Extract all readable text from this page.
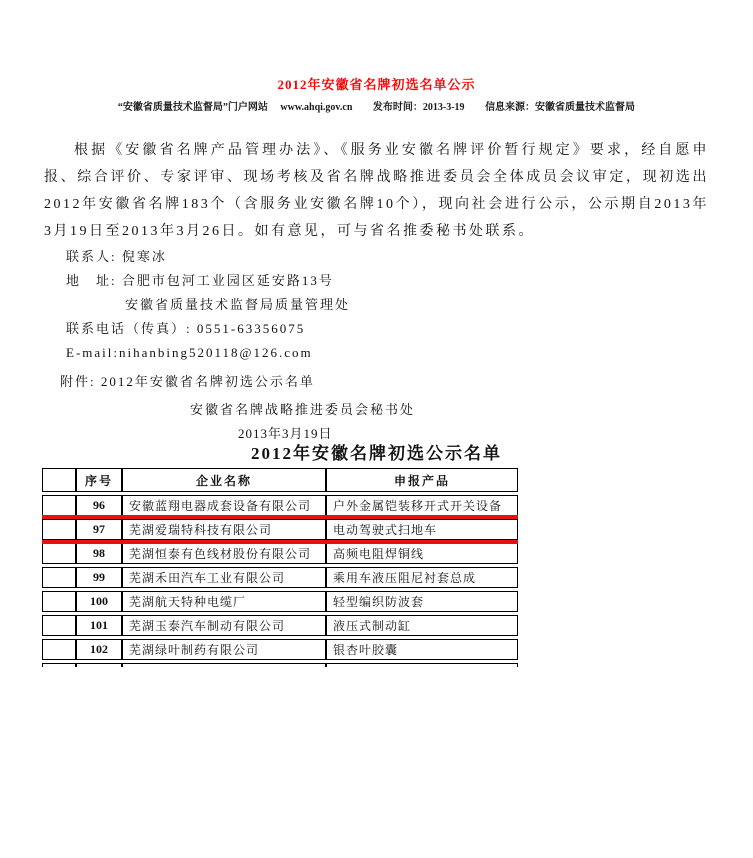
2012年安徽省名牌初选名单公示
“安徽省质量技术监督局”门户网站 www.ahqi.gov.cn 发布时间：2013-3-19 信息来源：安徽省质量技术监督局
根据《安徽省名牌产品管理办法》、《服务业安徽名牌评价暂行规定》要求，经自愿申报、综合评价、专家评审、现场考核及省名牌战略推进委员会全体成员会议审定，现初选出2012年安徽省名牌183个（含服务业安徽名牌10个），现向社会进行公示，公示期自2013年3月19日至2013年3月26日。如有意见，可与省名推委秘书处联系。
联系人: 倪寒冰
地　址: 合肥市包河工业园区延安路13号
安徽省质量技术监督局质量管理处
联系电话（传真）: 0551-63356075
E-mail:nihanbing520118@126.com
附件: 2012年安徽省名牌初选公示名单
安徽省名牌战略推进委员会秘书处
2013年3月19日
2012年安徽名牌初选公示名单
	序号	企业名称	申报产品
	96	安徽蓝翔电器成套设备有限公司	户外金属铠装移开式开关设备
	97	芜湖爱瑞特科技有限公司	电动驾驶式扫地车
	98	芜湖恒泰有色线材股份有限公司	高频电阻焊铜线
	99	芜湖禾田汽车工业有限公司	乘用车液压阻尼衬套总成
	100	芜湖航天特种电缆厂	轻型编织防波套
	101	芜湖玉泰汽车制动有限公司	液压式制动缸
	102	芜湖绿叶制药有限公司	银杏叶胶囊
